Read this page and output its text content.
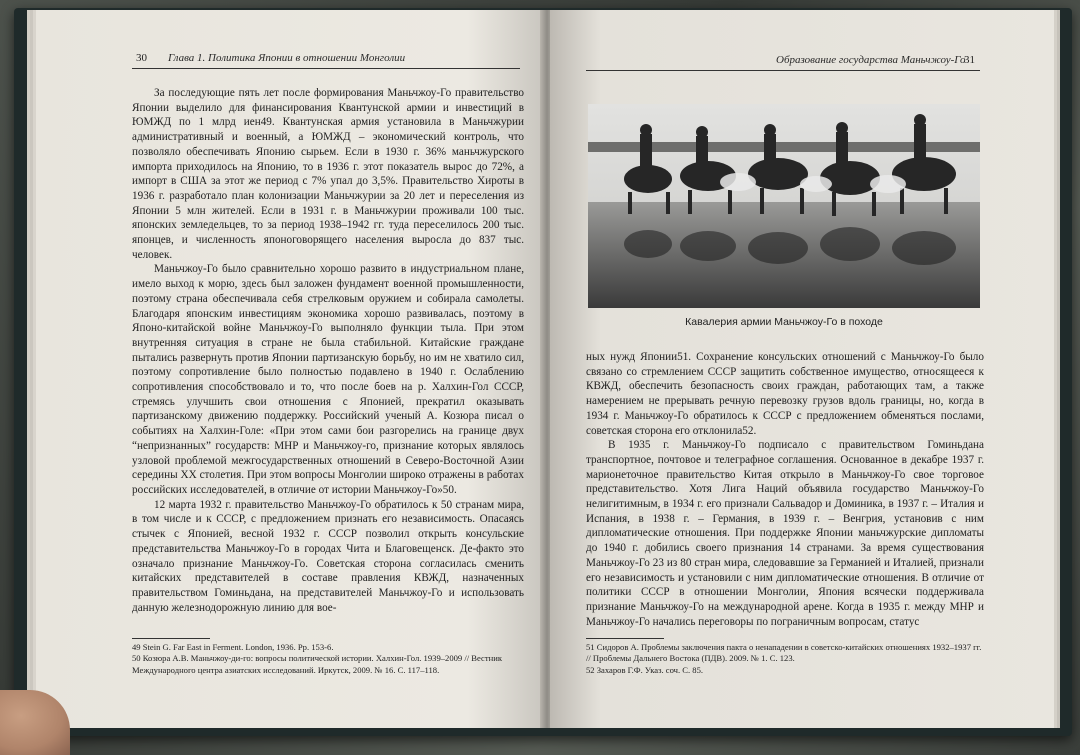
30 Глава 1. Политика Японии в отношении Монголии

За последующие пять лет после формирования Маньчжоу-Го правительство Японии выделило для финансирования Квантунской армии и инвестиций в ЮМЖД по 1 млрд иен49. Квантунская армия установила в Маньчжурии административный и военный, а ЮМЖД – экономический контроль, что позволяло обеспечивать Японию сырьем. Если в 1930 г. 36% маньчжурского импорта приходилось на Японию, то в 1936 г. этот показатель вырос до 72%, а импорт в США за этот же период с 7% упал до 3,5%. Правительство Хироты в 1936 г. разработало план колонизации Маньчжурии за 20 лет и переселения из Японии 5 млн жителей. Если в 1931 г. в Маньчжурии проживали 100 тыс. японских земледельцев, то за период 1938–1942 гг. туда переселилось 200 тыс. японцев, и численность японоговорящего населения выросла до 837 тыс. человек.

Маньчжоу-Го было сравнительно хорошо развито в индустриальном плане, имело выход к морю, здесь был заложен фундамент военной промышленности, поэтому страна обеспечивала себя стрелковым оружием и собирала самолеты. Благодаря японским инвестициям экономика хорошо развивалась, поэтому в Японо-китайской войне Маньчжоу-Го выполняло функции тыла. При этом внутренняя ситуация в стране не была стабильной. Китайские граждане пытались развернуть против Японии партизанскую борьбу, но им не хватило сил, поэтому сопротивление было полностью подавлено в 1940 г. Ослаблению сопротивления способствовало и то, что после боев на р. Халхин-Гол СССР, стремясь улучшить свои отношения с Японией, прекратил оказывать партизанскому движению поддержку. Российский ученый А. Козюра писал о событиях на Халхин-Голе: «При этом сами бои разгорелись на границе двух “непризнанных” государств: МНР и Маньчжоу-го, признание которых являлось узловой проблемой межгосударственных отношений в Северо-Восточной Азии середины XX столетия. При этом вопросы Монголии широко отражены в работах российских исследователей, в отличие от истории Маньчжоу-Го»50.

12 марта 1932 г. правительство Маньчжоу-Го обратилось к 50 странам мира, в том числе и к СССР, с предложением признать его независимость. Опасаясь стычек с Японией, весной 1932 г. СССР позволил открыть консульские представительства Маньчжоу-Го в городах Чита и Благовещенск. Де-факто это означало признание Маньчжоу-Го. Советская сторона согласилась сменить китайских представителей в составе правления КВЖД, назначенных правительством Гоминьдана, на представителей Маньчжоу-Го и использовать данную железнодорожную линию для вое-

49 Stein G. Far East in Ferment. London, 1936. Pp. 153-6.

50 Козюра А.В. Маньчжоу-ди-го: вопросы политической истории. Халхин-Гол. 1939–2009 // Вестник Международного центра азиатских исследований. Иркутск, 2009. № 16. С. 117–118.

Образование государства Маньчжоу-Го
31
Кавалерия армии Маньчжоу-Го в походе

ных нужд Японии51. Сохранение консульских отношений с Маньчжоу-Го было связано со стремлением СССР защитить собственное имущество, относящееся к КВЖД, обеспечить безопасность своих граждан, работающих там, а также намерением не прерывать речную перевозку грузов вдоль границы, но, когда в 1934 г. Маньчжоу-Го обратилось к СССР с предложением обменяться послами, советская сторона его отклонила52.

В 1935 г. Маньчжоу-Го подписало с правительством Гоминьдана транспортное, почтовое и телеграфное соглашения. Основанное в декабре 1937 г. марионеточное правительство Китая открыло в Маньчжоу-Го свое торговое представительство. Хотя Лига Наций объявила государство Маньчжоу-Го нелигитимным, в 1934 г. его признали Сальвадор и Доминика, в 1937 г. – Италия и Испания, в 1938 г. – Германия, в 1939 г. – Венгрия, установив с ним дипломатические отношения. При поддержке Японии маньчжурские дипломаты до 1940 г. добились своего признания 14 странами. За время существования Маньчжоу-Го 23 из 80 стран мира, следовавшие за Германией и Италией, признали его независимость и установили с ним дипломатические отношения. В отличие от политики СССР в отношении Монголии, Япония всячески поддерживала признание Маньчжоу-Го на международной арене. Когда в 1935 г. между МНР и Маньчжоу-Го начались переговоры по пограничным вопросам, статус

51 Сидоров А. Проблемы заключения пакта о ненападении в советско-китайских отношениях 1932–1937 гг. // Проблемы Дальнего Востока (ПДВ). 2009. № 1. С. 123.

52 Захаров Г.Ф. Указ. соч. С. 85.
